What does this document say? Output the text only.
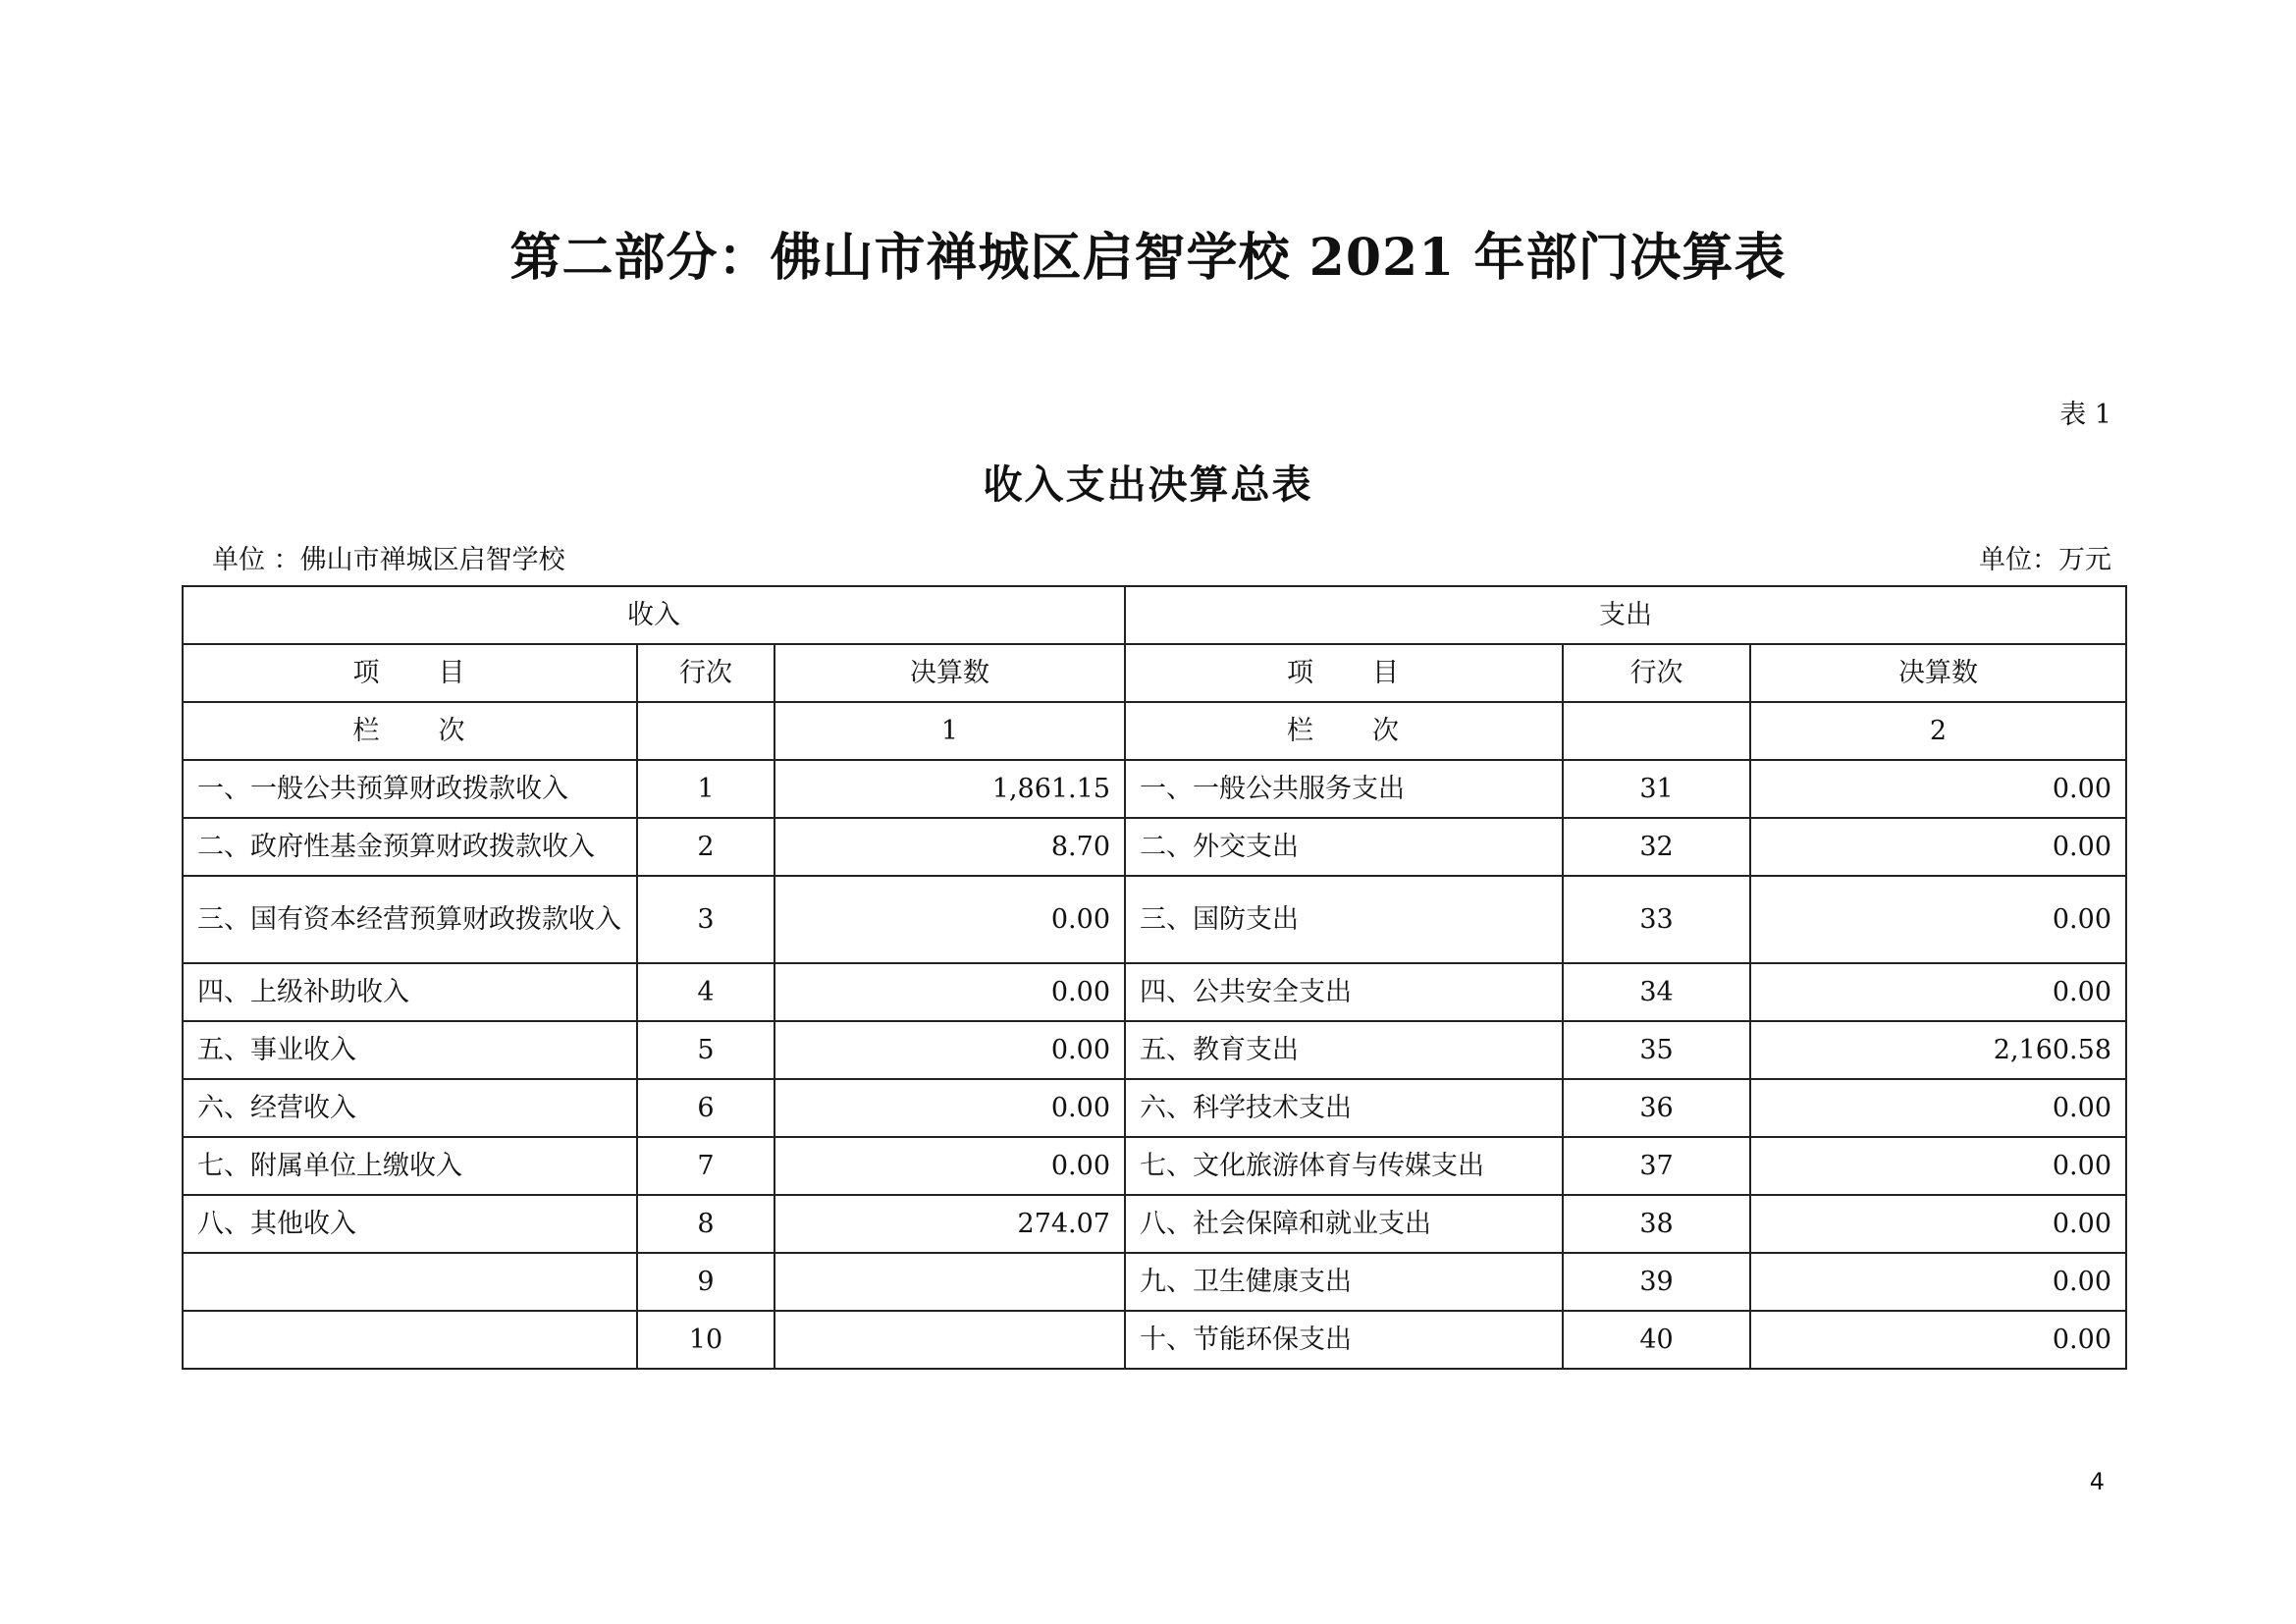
第二部分：佛山市禅城区启智学校 2021 年部门决算表
表 1
收入支出决算总表
单位 ：佛山市禅城区启智学校	单位：万元
收入			支出		
项　　目	行次	决算数	项　　目	行次	决算数
栏　　次		1	栏　　次		2
一、一般公共预算财政拨款收入	1	1,861.15	一、一般公共服务支出	31	0.00
二、政府性基金预算财政拨款收入	2	8.70	二、外交支出	32	0.00
三、国有资本经营预算财政拨款收入	3	0.00	三、国防支出	33	0.00
四、上级补助收入	4	0.00	四、公共安全支出	34	0.00
五、事业收入	5	0.00	五、教育支出	35	2,160.58
六、经营收入	6	0.00	六、科学技术支出	36	0.00
七、附属单位上缴收入	7	0.00	七、文化旅游体育与传媒支出	37	0.00
八、其他收入	8	274.07	八、社会保障和就业支出	38	0.00
	9		九、卫生健康支出	39	0.00
	10		十、节能环保支出	40	0.00
4
